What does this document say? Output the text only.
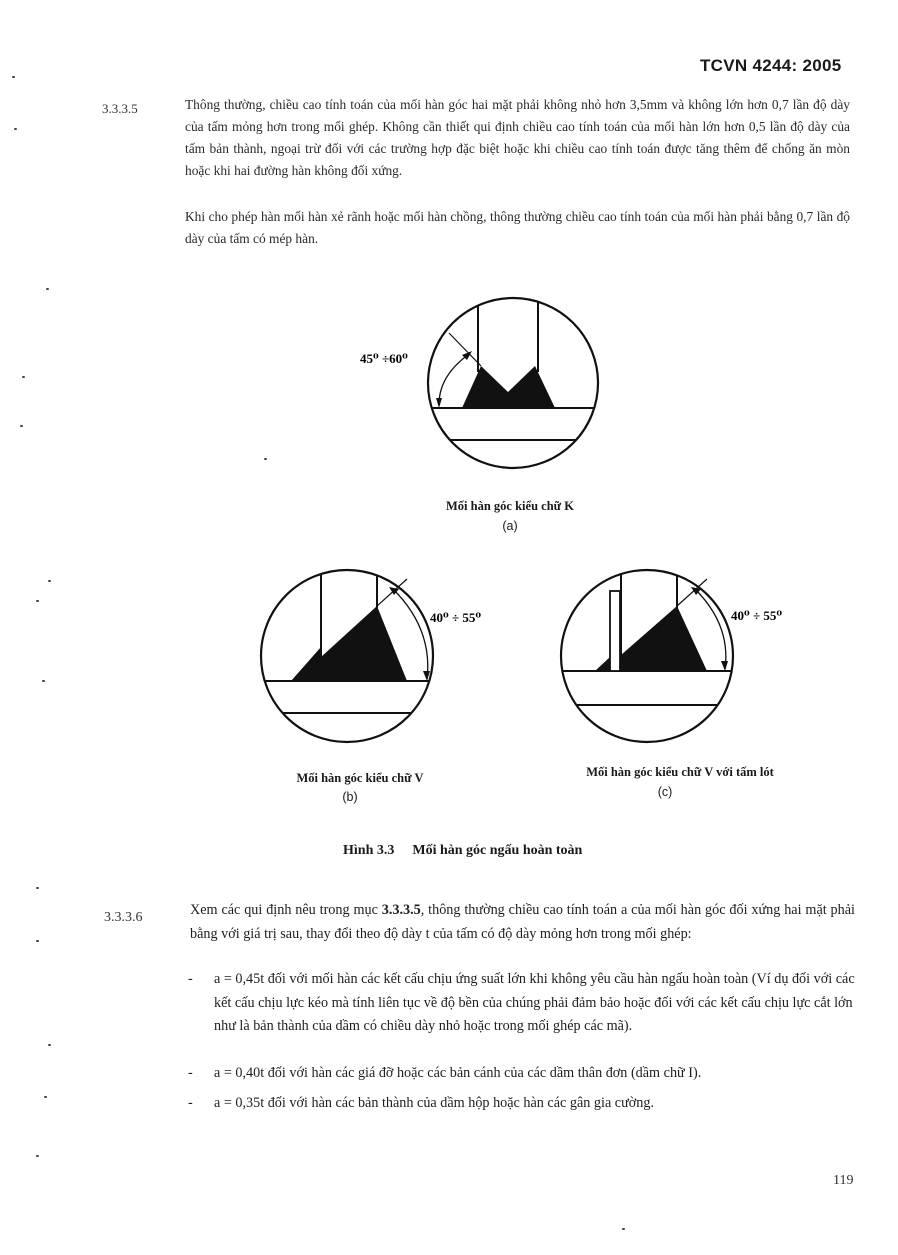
TCVN 4244: 2005
3.3.3.5	Thông thường, chiều cao tính toán của mối hàn góc hai mặt phải không nhỏ hơn 3,5mm và không lớn hơn 0,7 lần độ dày của tấm mỏng hơn trong mối ghép. Không cần thiết qui định chiều cao tính toán của mối hàn lớn hơn 0,5 lần độ dày của tấm bản thành, ngoại trừ đối với các trường hợp đặc biệt hoặc khi chiều cao tính toán được tăng thêm để chống ăn mòn hoặc khi hai đường hàn không đối xứng.
Khi cho phép hàn mối hàn xẻ rãnh hoặc mối hàn chồng, thông thường chiều cao tính toán của mối hàn phải bằng 0,7 lần độ dày của tấm có mép hàn.
45⁰ ÷60⁰
Mối hàn góc kiểu chữ K
(a)
40⁰ ÷ 55⁰
Mối hàn góc kiểu chữ V
(b)
40⁰ ÷ 55⁰
Mối hàn góc kiểu chữ V với tấm lót
(c)
Hình 3.3 Mối hàn góc ngấu hoàn toàn
3.3.3.6	Xem các qui định nêu trong mục 3.3.3.5, thông thường chiều cao tính toán a của mối hàn góc đối xứng hai mặt phải bằng với giá trị sau, thay đổi theo độ dày t của tấm có độ dày mỏng hơn trong mối ghép:
- a = 0,45t đối với mối hàn các kết cấu chịu ứng suất lớn khi không yêu cầu hàn ngấu hoàn toàn (Ví dụ đối với các kết cấu chịu lực kéo mà tính liên tục về độ bền của chúng phải đảm bảo hoặc đối với các kết cấu chịu lực cắt lớn như là bản thành của dầm có chiều dày nhỏ hoặc trong mối ghép các mã).
- a = 0,40t đối với hàn các giá đỡ hoặc các bản cánh của các dầm thân đơn (dầm chữ I).
- a = 0,35t đối với hàn các bản thành của dầm hộp hoặc hàn các gân gia cường.
119
